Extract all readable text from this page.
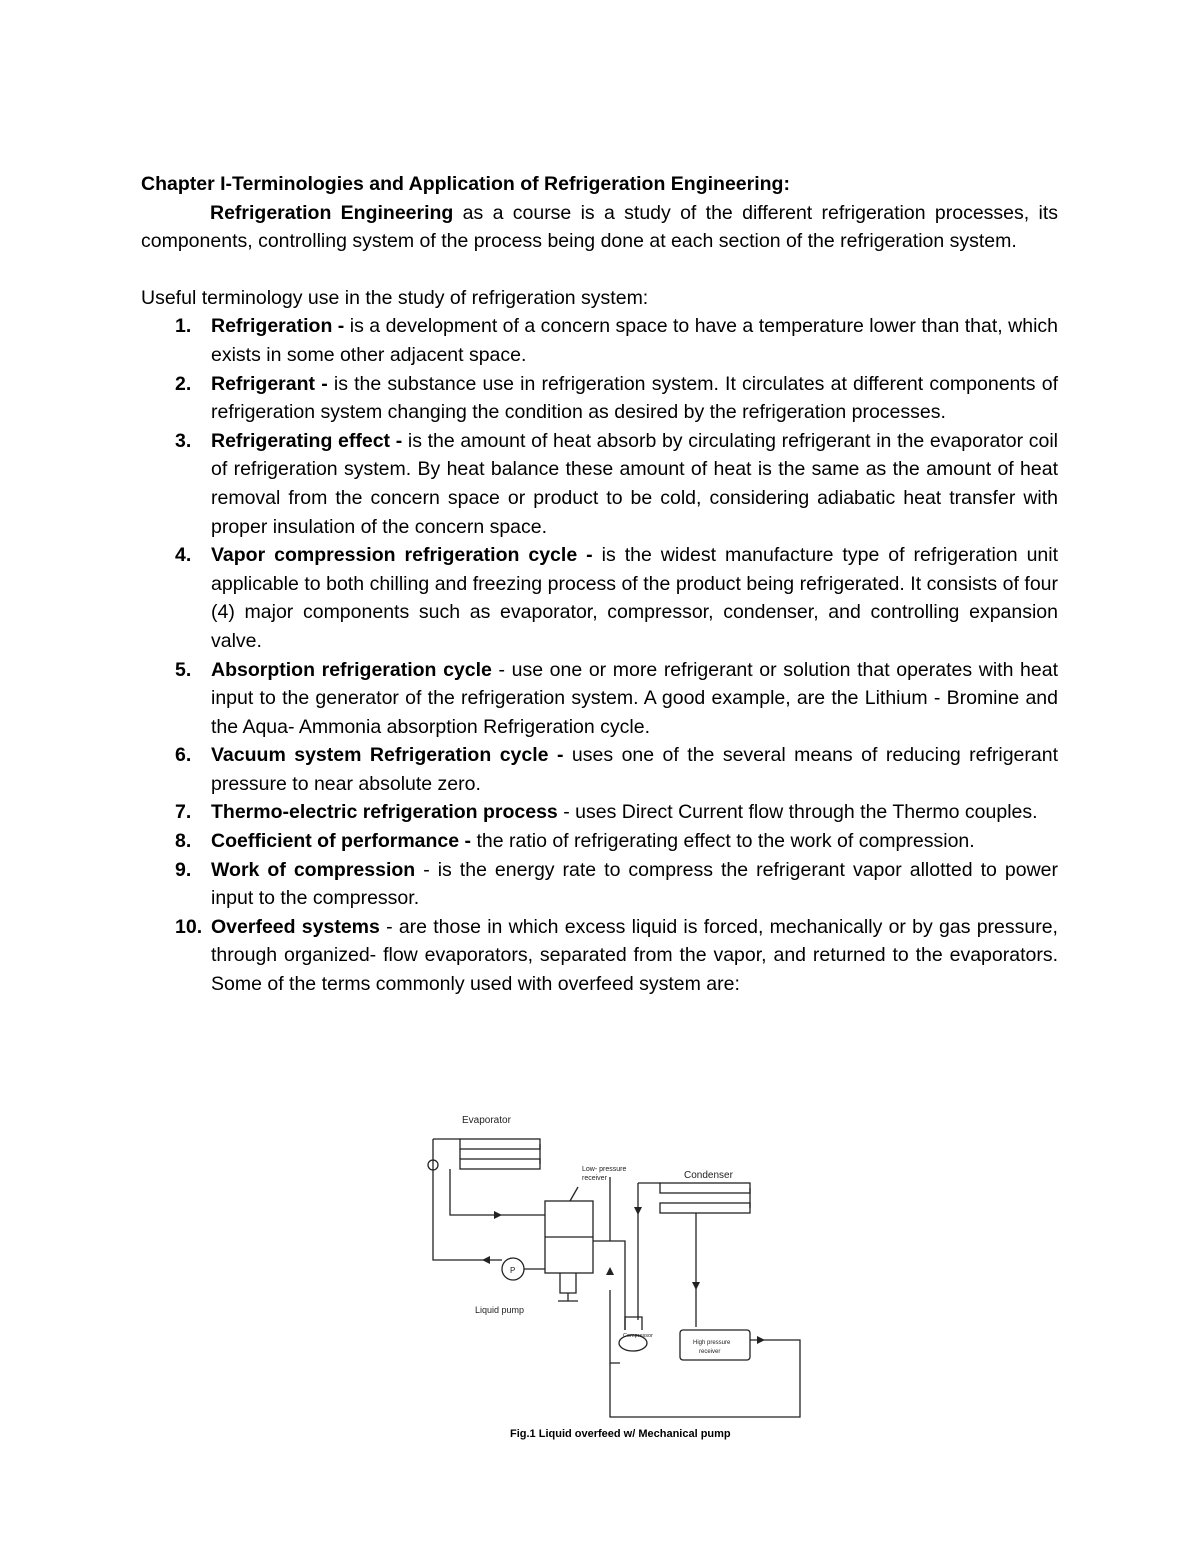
Chapter I-Terminologies and Application of Refrigeration Engineering:

Refrigeration Engineering as a course is a study of the different refrigeration processes, its components, controlling system of the process being done at each section of the refrigeration system.

Useful terminology use in the study of refrigeration system:

1. Refrigeration - is a development of a concern space to have a temperature lower than that, which exists in some other adjacent space.
2. Refrigerant - is the substance use in refrigeration system. It circulates at different components of refrigeration system changing the condition as desired by the refrigeration processes.
3. Refrigerating effect - is the amount of heat absorb by circulating refrigerant in the evaporator coil of refrigeration system. By heat balance these amount of heat is the same as the amount of heat removal from the concern space or product to be cold, considering adiabatic heat transfer with proper insulation of the concern space.
4. Vapor compression refrigeration cycle - is the widest manufacture type of refrigeration unit applicable to both chilling and freezing process of the product being refrigerated. It consists of four (4) major components such as evaporator, compressor, condenser, and controlling expansion valve.
5. Absorption refrigeration cycle - use one or more refrigerant or solution that operates with heat input to the generator of the refrigeration system. A good example, are the Lithium - Bromine and the Aqua- Ammonia absorption Refrigeration cycle.
6. Vacuum system Refrigeration cycle - uses one of the several means of reducing refrigerant pressure to near absolute zero.
7. Thermo-electric refrigeration process - uses Direct Current flow through the Thermo couples.
8. Coefficient of performance - the ratio of refrigerating effect to the work of compression.
9. Work of compression - is the energy rate to compress the refrigerant vapor allotted to power input to the compressor.
10. Overfeed systems - are those in which excess liquid is forced, mechanically or by gas pressure, through organized- flow evaporators, separated from the vapor, and returned to the evaporators. Some of the terms commonly used with overfeed system are:
Evaporator
Low- pressure
receiver	Condenser
P
Liquid pump
Compressor
High pressure
receiver
Fig.1 Liquid overfeed w/ Mechanical pump
